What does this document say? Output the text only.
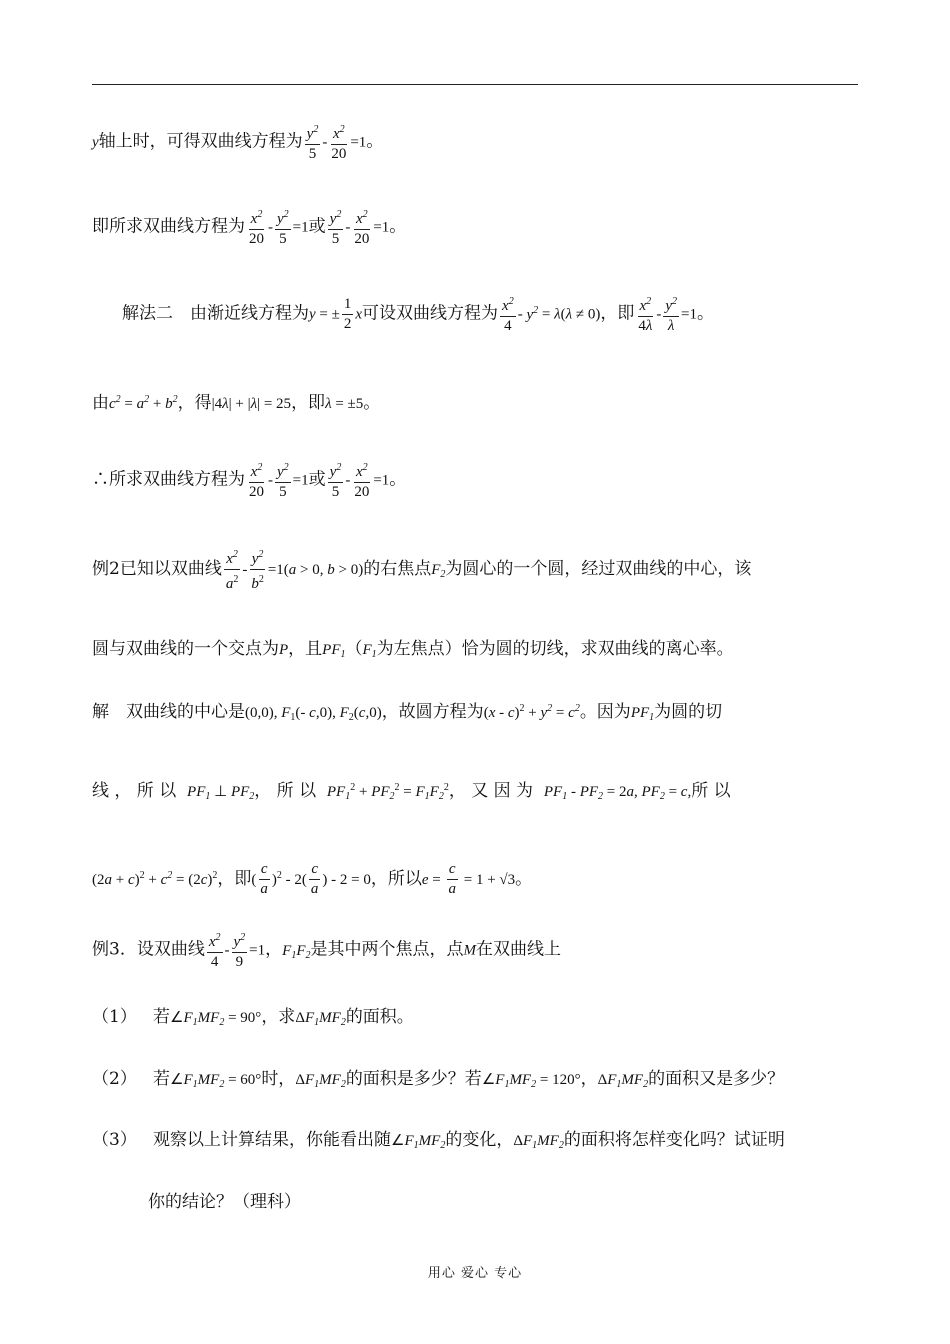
y轴上时，可得双曲线方程为 $\frac{y^2}{5} - \frac{x^2}{20} =1$。
即所求双曲线方程为 $\frac{x^2}{20} - \frac{y^2}{5} =1$或 $\frac{y^2}{5} - \frac{x^2}{20} =1$。
解法二　由渐近线方程为y = ± $\frac{1}{2}$ x可设双曲线方程为 $\frac{x^2}{4} - y^2 = \lambda(\lambda \ne 0)$，即 $\frac{x^2}{4\lambda} - \frac{y^2}{\lambda} =1$。
由$c^2 = a^2 + b^2$，得|4λ| + |λ| = 25，即λ = ±5。
∴所求双曲线方程为 $\frac{x^2}{20} - \frac{y^2}{5} =1$或 $\frac{y^2}{5} - \frac{x^2}{20} =1$。
例2已知以双曲线 $\frac{x^2}{a^2} - \frac{y^2}{b^2} =1(a > 0$, b > 0)的右焦点$F_2$为圆心的一个圆，经过双曲线的中心，该
圆与双曲线的一个交点为P，且$PF_1(F_1$为左焦点）恰为圆的切线，求双曲线的离心率。
解　双曲线的中心是(0,0), $F_1(-$ c,0), $F_2(c,0)$，故圆方程为$(x - c)^2 + y^2 = c^2$。因为$PF_1$为圆的切
线 ， 所 以 $PF_1$ ⊥ $PF_2$， 所 以 $PF_1^2 + PF_2^2 = F_1F_2^2$， 又 因 为 $PF_1 - PF_2 = 2a$, $PF_2 = c$,所 以
$(2a + c)^2 + c^2 = (2c)^2$，即( $\frac{c}{a} )^2 - 2( \frac{c}{a}$ ) - 2 = 0，所以$e = \frac{c}{a} = 1 + √3$。
例3．设双曲线 $\frac{x^2}{4} - \frac{y^2}{9} =1$，$F_1F_2$是其中两个焦点，点M在双曲线上
（1） 若$\angle F_1MF_2 = 90^\circ$，求$\Delta F_1MF_2$的面积。
（2） 若$\angle F_1MF_2 = 60^\circ$时，$\Delta F_1MF_2$的面积是多少？若$\angle F_1MF_2 = 120^\circ$，$\Delta F_1MF_2$的面积又是多少？
（3） 观察以上计算结果，你能看出随$\angle F_1MF_2$的变化，$\Delta F_1MF_2$的面积将怎样变化吗？试证明
你的结论？（理科）
用心 爱心 专心
